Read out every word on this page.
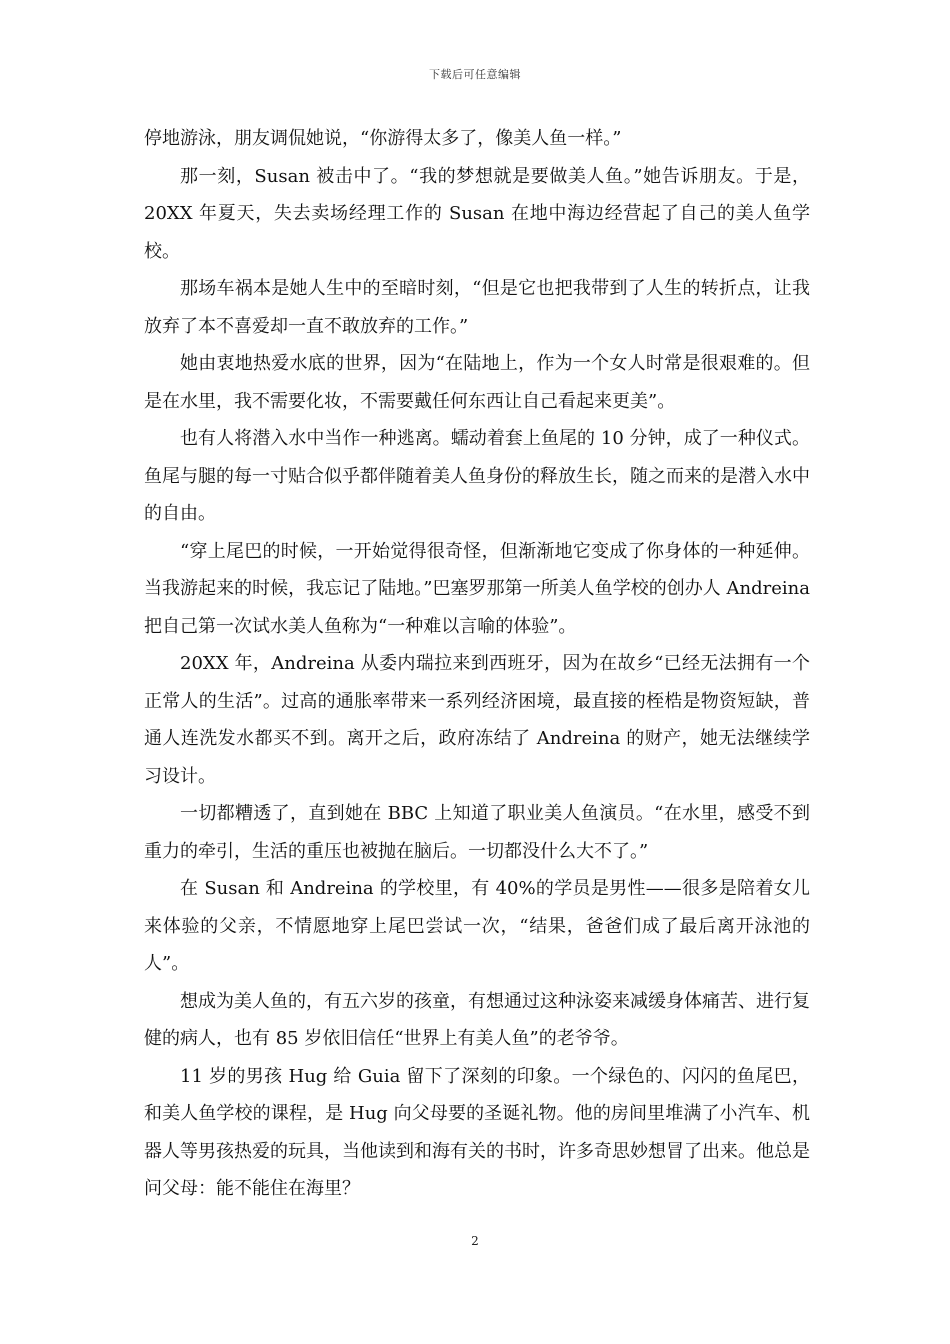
下载后可任意编辑

停地游泳，朋友调侃她说，“你游得太多了，像美人鱼一样。”

那一刻，Susan 被击中了。“我的梦想就是要做美人鱼。”她告诉朋友。于是，20XX 年夏天，失去卖场经理工作的 Susan 在地中海边经营起了自己的美人鱼学校。

那场车祸本是她人生中的至暗时刻，“但是它也把我带到了人生的转折点，让我放弃了本不喜爱却一直不敢放弃的工作。”

她由衷地热爱水底的世界，因为“在陆地上，作为一个女人时常是很艰难的。但是在水里，我不需要化妆，不需要戴任何东西让自己看起来更美”。

也有人将潜入水中当作一种逃离。蠕动着套上鱼尾的 10 分钟，成了一种仪式。鱼尾与腿的每一寸贴合似乎都伴随着美人鱼身份的释放生长，随之而来的是潜入水中的自由。

“穿上尾巴的时候，一开始觉得很奇怪，但渐渐地它变成了你身体的一种延伸。当我游起来的时候，我忘记了陆地。”巴塞罗那第一所美人鱼学校的创办人 Andreina 把自己第一次试水美人鱼称为“一种难以言喻的体验”。

20XX 年，Andreina 从委内瑞拉来到西班牙，因为在故乡“已经无法拥有一个正常人的生活”。过高的通胀率带来一系列经济困境，最直接的桎梏是物资短缺，普通人连洗发水都买不到。离开之后，政府冻结了 Andreina 的财产，她无法继续学习设计。

一切都糟透了，直到她在 BBC 上知道了职业美人鱼演员。“在水里，感受不到重力的牵引，生活的重压也被抛在脑后。一切都没什么大不了。”

在 Susan 和 Andreina 的学校里，有 40%的学员是男性——很多是陪着女儿来体验的父亲，不情愿地穿上尾巴尝试一次，“结果，爸爸们成了最后离开泳池的人”。

想成为美人鱼的，有五六岁的孩童，有想通过这种泳姿来减缓身体痛苦、进行复健的病人，也有 85 岁依旧信任“世界上有美人鱼”的老爷爷。

11 岁的男孩 Hug 给 Guia 留下了深刻的印象。一个绿色的、闪闪的鱼尾巴，和美人鱼学校的课程，是 Hug 向父母要的圣诞礼物。他的房间里堆满了小汽车、机器人等男孩热爱的玩具，当他读到和海有关的书时，许多奇思妙想冒了出来。他总是问父母：能不能住在海里？

2
